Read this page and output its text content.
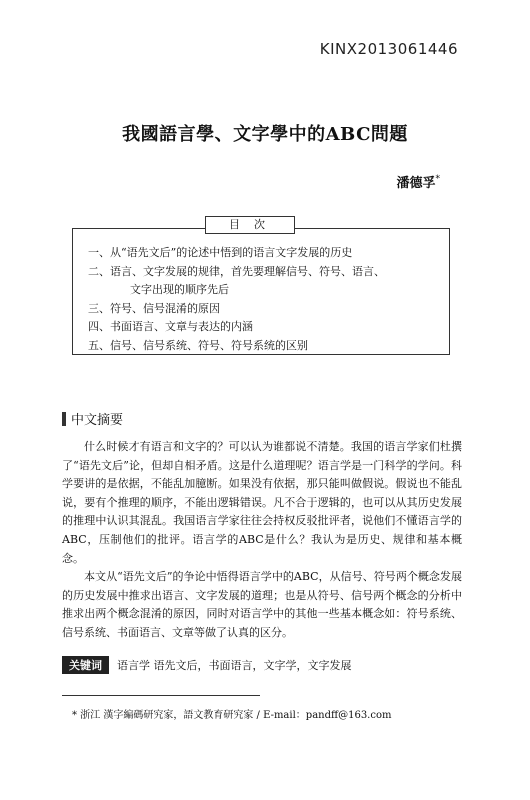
KINX2013061446
我國語言學、文字學中的ABC問題
潘德孚*
目次
一、从“语先文后”的论述中悟到的语言文字发展的历史
二、语言、文字发展的规律，首先要理解信号、符号、语言、
文字出现的顺序先后
三、符号、信号混淆的原因
四、书面语言、文章与表达的内涵
五、信号、信号系统、符号、符号系统的区别
中文摘要

什么时候才有语言和文字的？可以认为谁都说不清楚。我国的语言学家们杜撰了“语先文后”论，但却自相矛盾。这是什么道理呢？语言学是一门科学的学问。科学要讲的是依据，不能乱加臆断。如果没有依据，那只能叫做假说。假说也不能乱说，要有个推理的顺序，不能出逻辑错误。凡不合于逻辑的，也可以从其历史发展的推理中认识其混乱。我国语言学家往往会持权反驳批评者，说他们不懂语言学的ABC，压制他们的批评。语言学的ABC是什么？我认为是历史、规律和基本概念。

本文从“语先文后”的争论中悟得语言学中的ABC，从信号、符号两个概念发展的历史发展中推求出语言、文字发展的道理；也是从符号、信号两个概念的分析中推求出两个概念混淆的原因，同时对语言学中的其他一些基本概念如：符号系统、信号系统、书面语言、文章等做了认真的区分。

关键词	语言学 语先文后，书面语言，文字学，文字发展
* 浙江 漢字編碼研究家，語文教育研究家 / E-mail：pandff@163.com
